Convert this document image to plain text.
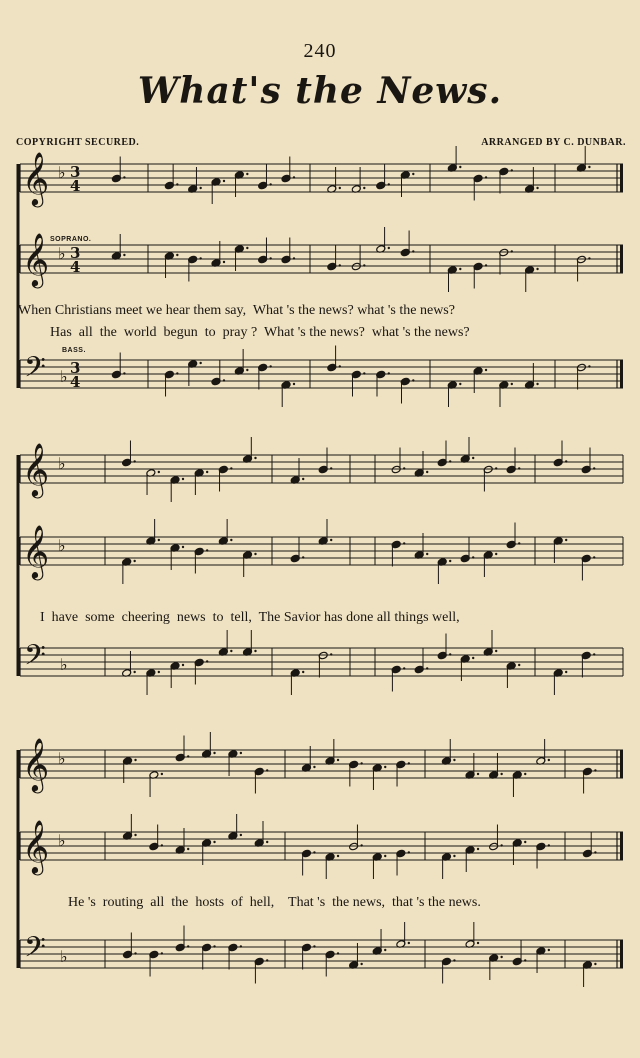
240
What's the News.
COPYRIGHT SECURED.	ARRANGED BY C. DUNBAR.
𝄞 ♭ 3
4
𝄞 ♭ 3
4
𝄢 ♭ 3
4
𝄞 ♭
𝄞 ♭
𝄢 ♭
𝄞 ♭
𝄞 ♭
𝄢 ♭
SOPRANO.
BASS.
When Christians meet we hear them say,  What 's the news? what 's the news?
Has  all  the  world  begun  to  pray ?  What 's the news?  what 's the news?
I  have  some  cheering  news  to  tell,  The Savior has done all things well,
He 's  routing  all  the  hosts  of  hell,    That 's  the news,  that 's the news.
